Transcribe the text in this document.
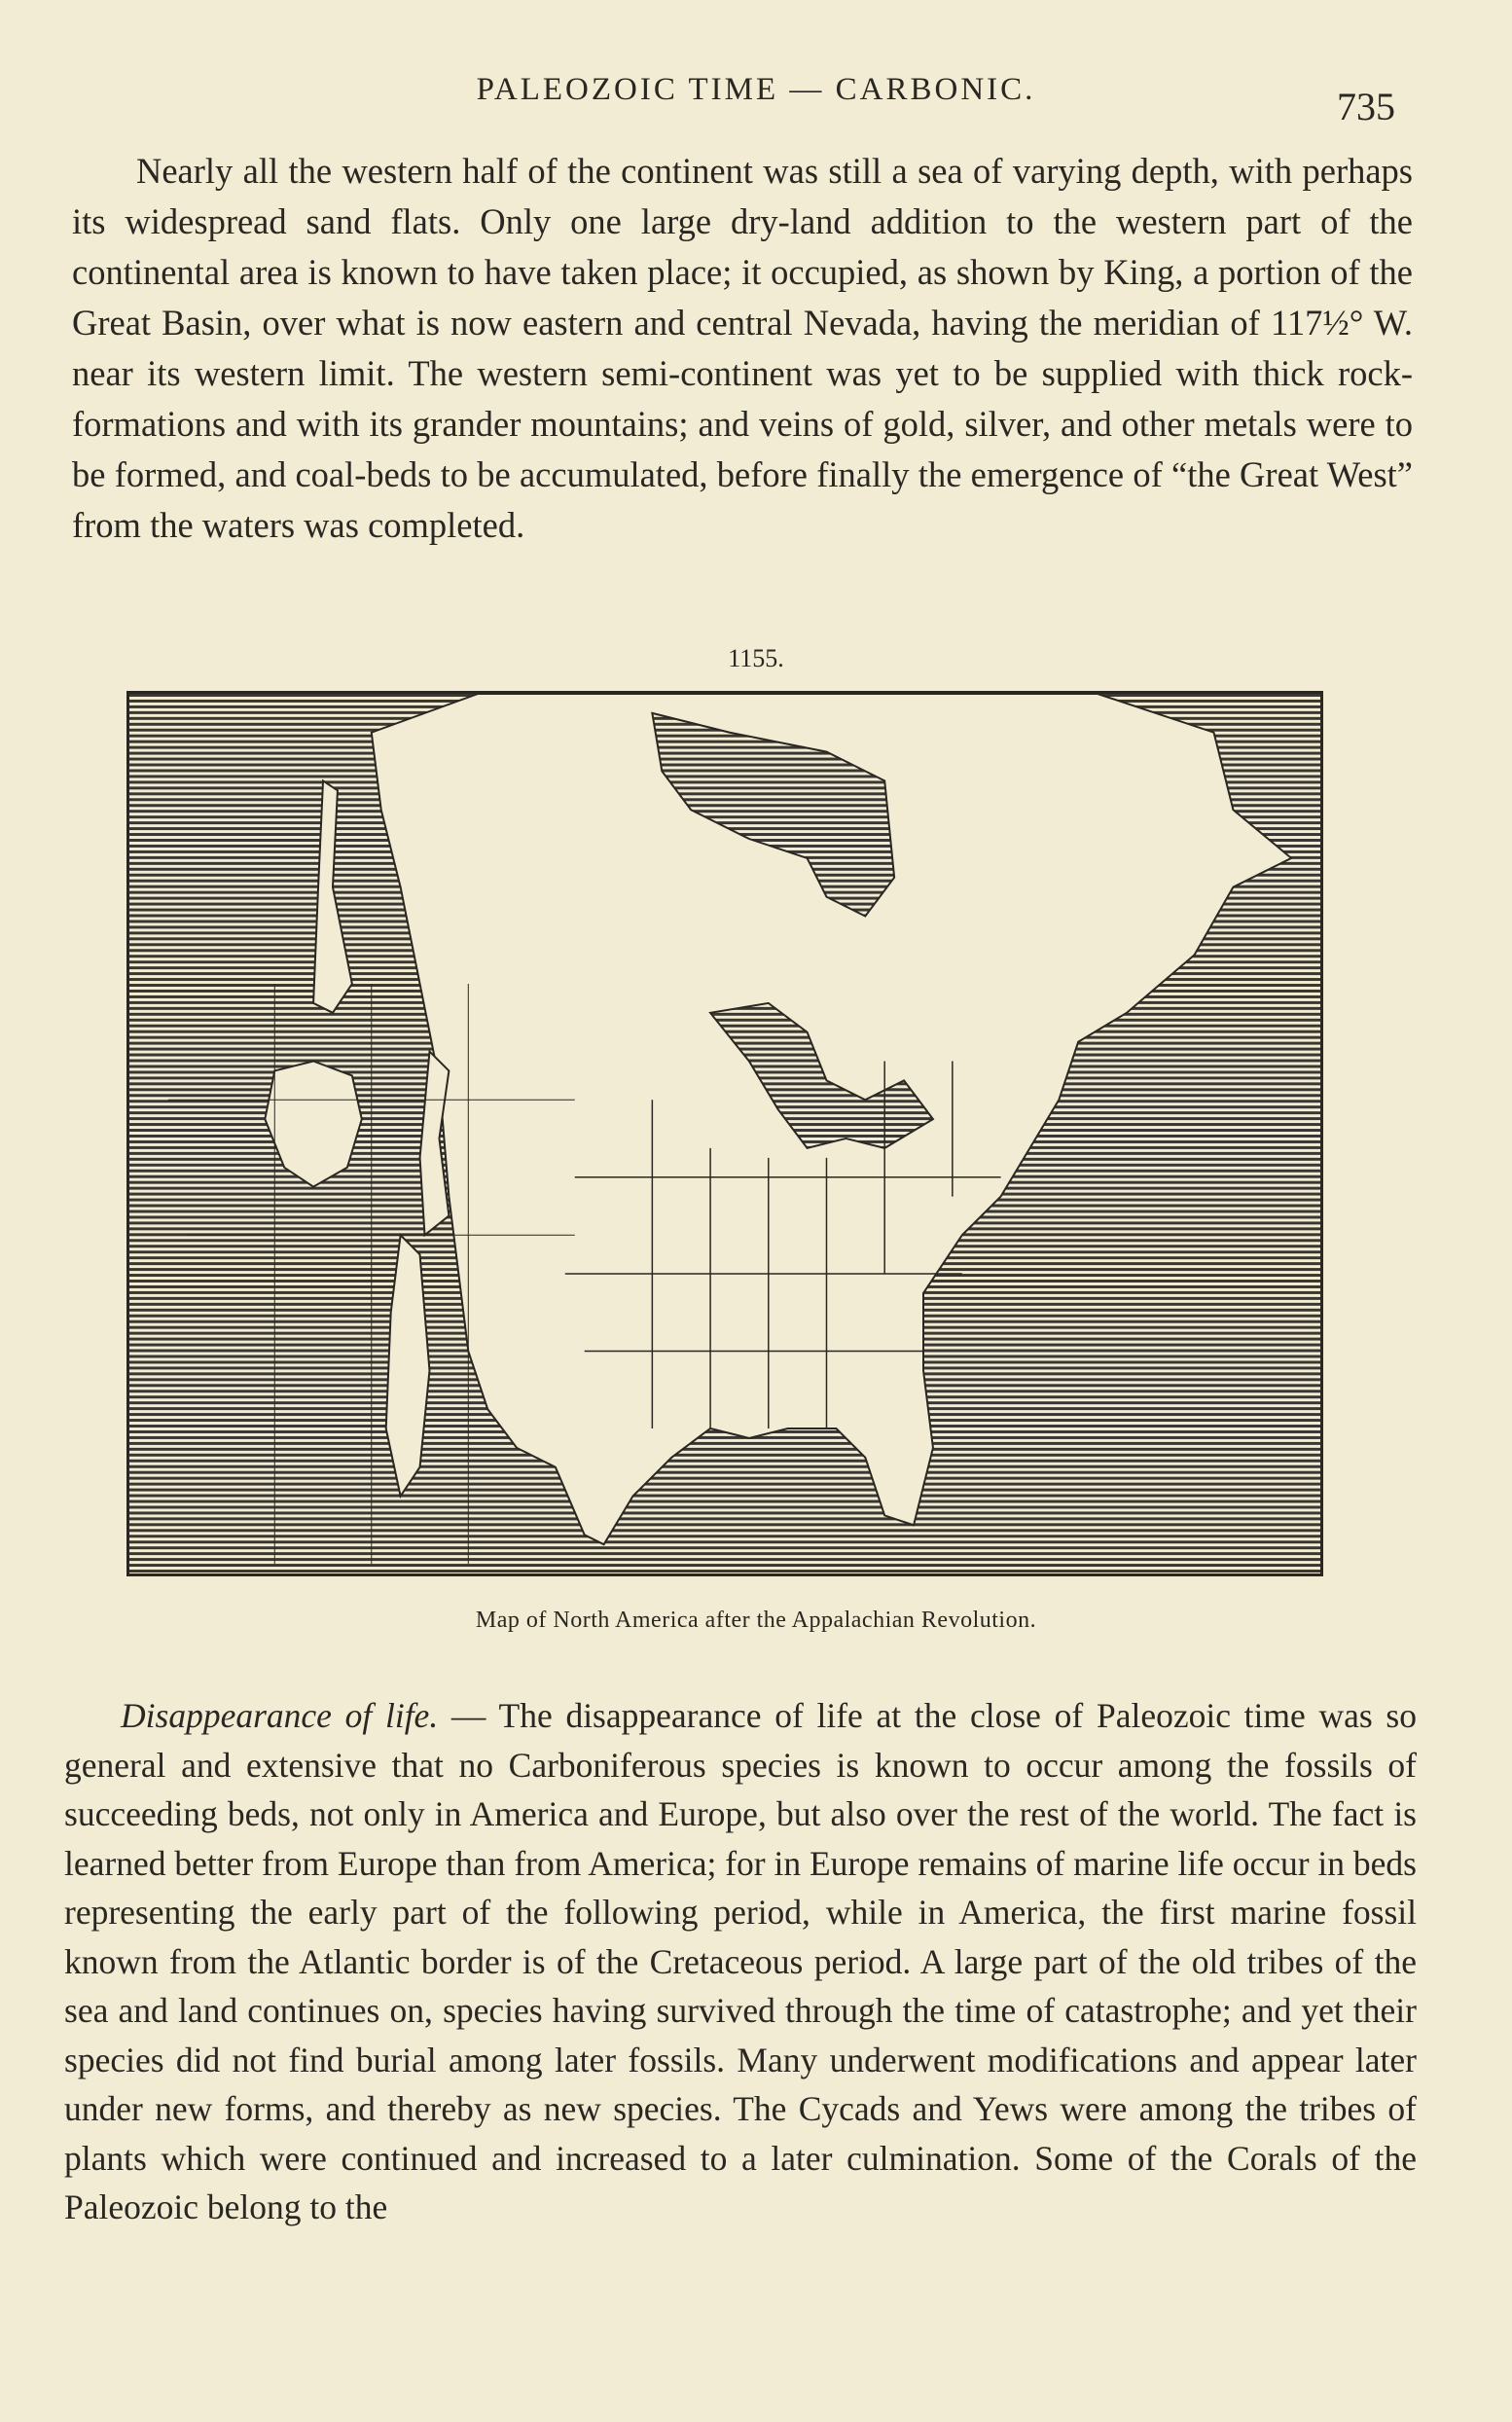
PALEOZOIC TIME — CARBONIC.	735

Nearly all the western half of the continent was still a sea of varying depth, with perhaps its widespread sand flats. Only one large dry-land addition to the western part of the continental area is known to have taken place; it occupied, as shown by King, a portion of the Great Basin, over what is now eastern and central Nevada, having the meridian of 117½° W. near its western limit. The western semi-continent was yet to be supplied with thick rock-formations and with its grander mountains; and veins of gold, silver, and other metals were to be formed, and coal-beds to be accumulated, before finally the emergence of “the Great West” from the waters was completed.

1155.
Map of North America after the Appalachian Revolution.

Disappearance of life. — The disappearance of life at the close of Paleozoic time was so general and extensive that no Carboniferous species is known to occur among the fossils of succeeding beds, not only in America and Europe, but also over the rest of the world. The fact is learned better from Europe than from America; for in Europe remains of marine life occur in beds representing the early part of the following period, while in America, the first marine fossil known from the Atlantic border is of the Cretaceous period. A large part of the old tribes of the sea and land continues on, species having survived through the time of catastrophe; and yet their species did not find burial among later fossils. Many underwent modifications and appear later under new forms, and thereby as new species. The Cycads and Yews were among the tribes of plants which were continued and increased to a later culmination. Some of the Corals of the Paleozoic belong to the
